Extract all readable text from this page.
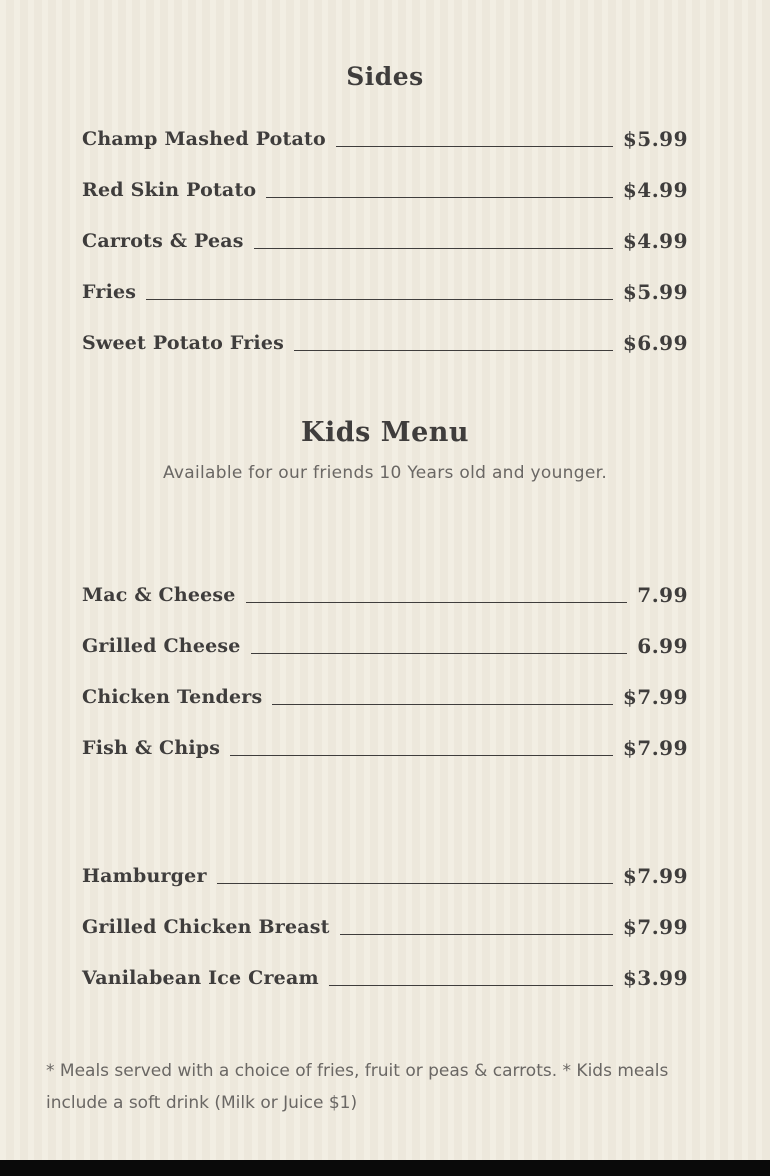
Sides
Champ Mashed Potato	$5.99
Red Skin Potato	$4.99
Carrots & Peas	$4.99
Fries	$5.99
Sweet Potato Fries	$6.99
Kids Menu
Available for our friends 10 Years old and younger.
Mac & Cheese	7.99
Grilled Cheese	6.99
Chicken Tenders	$7.99
Fish & Chips	$7.99
Hamburger	$7.99
Grilled Chicken Breast	$7.99
Vanilabean Ice Cream	$3.99
* Meals served with a choice of fries, fruit or peas & carrots. * Kids meals include a soft drink (Milk or Juice $1)
